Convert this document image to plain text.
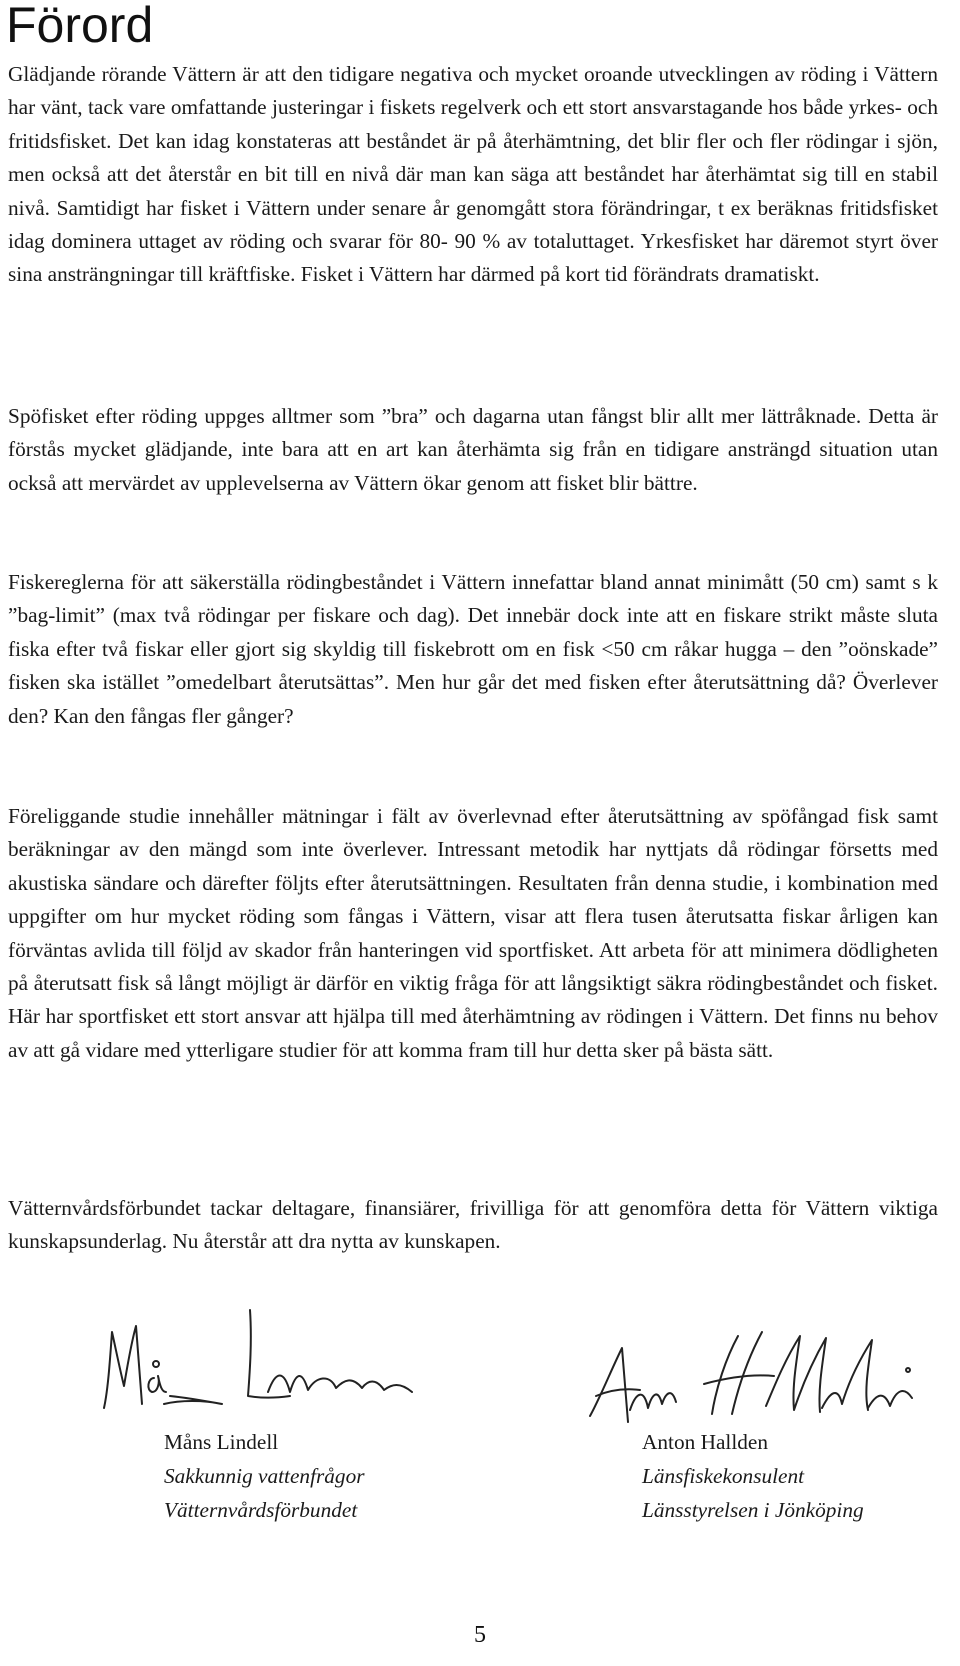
Förord

Glädjande rörande Vättern är att den tidigare negativa och mycket oroande utvecklingen av röding i Vättern har vänt, tack vare omfattande justeringar i fiskets regelverk och ett stort ansvarstagande hos både yrkes- och fritidsfisket. Det kan idag konstateras att beståndet är på återhämtning, det blir fler och fler rödingar i sjön, men också att det återstår en bit till en nivå där man kan säga att beståndet har återhämtat sig till en stabil nivå. Samtidigt har fisket i Vättern under senare år genomgått stora förändringar, t ex beräknas fritidsfisket idag dominera uttaget av röding och svarar för 80- 90 % av totaluttaget. Yrkesfisket har däremot styrt över sina ansträngningar till kräftfiske. Fisket i Vättern har därmed på kort tid förändrats dramatiskt.

Spöfisket efter röding uppges alltmer som ”bra” och dagarna utan fångst blir allt mer lättråknade. Detta är förstås mycket glädjande, inte bara att en art kan återhämta sig från en tidigare ansträngd situation utan också att mervärdet av upplevelserna av Vättern ökar genom att fisket blir bättre.

Fiskereglerna för att säkerställa rödingbeståndet i Vättern innefattar bland annat minimått (50 cm) samt s k ”bag-limit” (max två rödingar per fiskare och dag). Det innebär dock inte att en fiskare strikt måste sluta fiska efter två fiskar eller gjort sig skyldig till fiskebrott om en fisk <50 cm råkar hugga – den ”oönskade” fisken ska istället ”omedelbart återutsättas”. Men hur går det med fisken efter återutsättning då? Överlever den? Kan den fångas fler gånger?

Föreliggande studie innehåller mätningar i fält av överlevnad efter återutsättning av spöfångad fisk samt beräkningar av den mängd som inte överlever. Intressant metodik har nyttjats då rödingar försetts med akustiska sändare och därefter följts efter återutsättningen. Resultaten från denna studie, i kombination med uppgifter om hur mycket röding som fångas i Vättern, visar att flera tusen återutsatta fiskar årligen kan förväntas avlida till följd av skador från hanteringen vid sportfisket. Att arbeta för att minimera dödligheten på återutsatt fisk så långt möjligt är därför en viktig fråga för att långsiktigt säkra rödingbeståndet och fisket. Här har sportfisket ett stort ansvar att hjälpa till med återhämtning av rödingen i Vättern. Det finns nu behov av att gå vidare med ytterligare studier för att komma fram till hur detta sker på bästa sätt.

Vätternvårdsförbundet tackar deltagare, finansiärer, frivilliga för att genomföra detta för Vättern viktiga kunskapsunderlag. Nu återstår att dra nytta av kunskapen.

Måns Lindell
Sakkunnig vattenfrågor
Vätternvårdsförbundet
Anton Hallden
Länsfiskekonsulent
Länsstyrelsen i Jönköping
5
